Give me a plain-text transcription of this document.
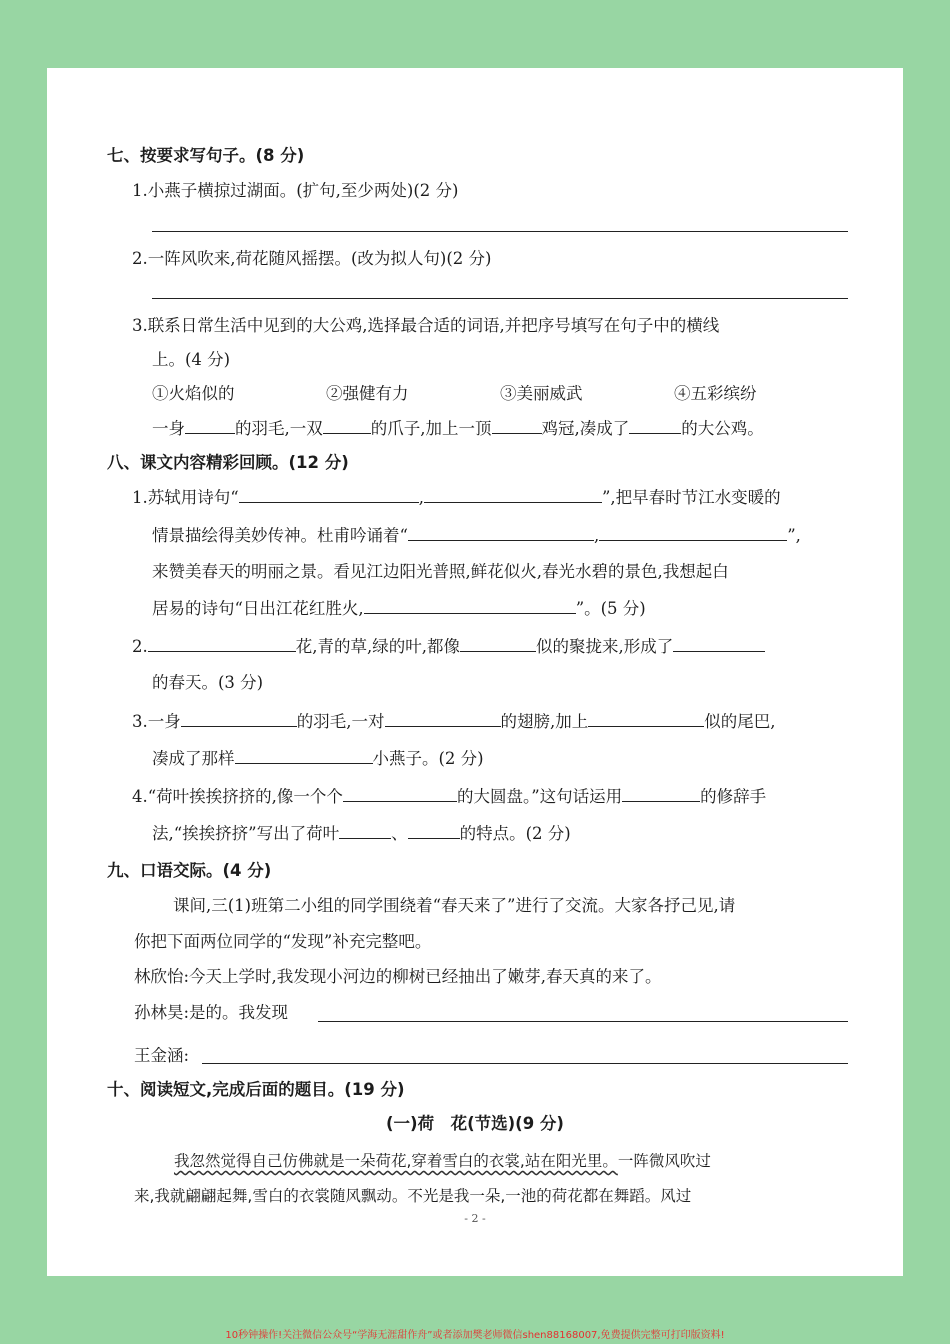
七、按要求写句子。(8 分)
1.小燕子横掠过湖面。(扩句,至少两处)(2 分)
2.一阵风吹来,荷花随风摇摆。(改为拟人句)(2 分)
3.联系日常生活中见到的大公鸡,选择最合适的词语,并把序号填写在句子中的横线
上。(4 分)
①火焰似的	②强健有力	③美丽威武	④五彩缤纷
一身	的羽毛,一双	的爪子,加上一顶	鸡冠,凑成了	的大公鸡。
八、课文内容精彩回顾。(12 分)
1.苏轼用诗句“	,	”,把早春时节江水变暖的
情景描绘得美妙传神。杜甫吟诵着“	,	”,
来赞美春天的明丽之景。看见江边阳光普照,鲜花似火,春光水碧的景色,我想起白
居易的诗句“日出江花红胜火,	”。(5 分)
2.	花,青的草,绿的叶,都像	似的聚拢来,形成了
的春天。(3 分)
3.一身	的羽毛,一对	的翅膀,加上	似的尾巴,
凑成了那样	小燕子。(2 分)
4.“荷叶挨挨挤挤的,像一个个	的大圆盘。”这句话运用	的修辞手
法,“挨挨挤挤”写出了荷叶	、	的特点。(2 分)
九、口语交际。(4 分)
课间,三(1)班第二小组的同学围绕着“春天来了”进行了交流。大家各抒己见,请
你把下面两位同学的“发现”补充完整吧。
林欣怡:今天上学时,我发现小河边的柳树已经抽出了嫩芽,春天真的来了。
孙林昊:是的。我发现
王金涵:
十、阅读短文,完成后面的题目。(19 分)
(一)荷　花(节选)(9 分)
我忽然觉得自己仿佛就是一朵荷花,穿着雪白的衣裳,站在阳光里。一阵微风吹过
来,我就翩翩起舞,雪白的衣裳随风飘动。不光是我一朵,一池的荷花都在舞蹈。风过
- 2 -
10秒钟操作!关注微信公众号“学海无涯甜作舟”或者添加樊老师微信shen88168007,免费提供完整可打印版资料!
